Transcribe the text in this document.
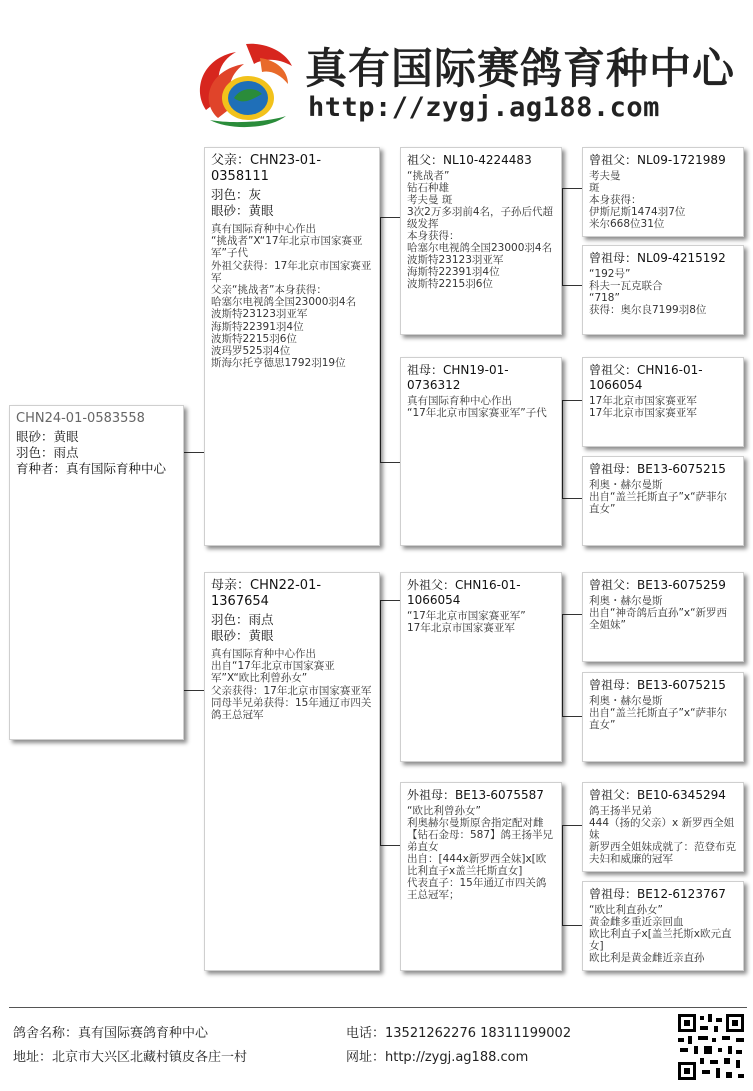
真有国际赛鸽育种中心
http://zygj.ag188.com
CHN24-01-0583558
眼砂：黄眼
羽色：雨点
育种者：真有国际育种中心
父亲：CHN23-01-0358111
羽色：灰
眼砂：黄眼
真有国际育种中心作出
“挑战者”X“17年北京市国家赛亚军”子代
外祖父获得：17年北京市国家赛亚军
父亲“挑战者”本身获得：
哈塞尔电视鸽全国23000羽4名
波斯特23123羽亚军
海斯特22391羽4位
波斯特2215羽6位
波玛罗525羽4位
斯海尔托亨德思1792羽19位
母亲：CHN22-01-1367654
羽色：雨点
眼砂：黄眼
真有国际育种中心作出
出自“17年北京市国家赛亚军”X“欧比利曾孙女”
父亲获得：17年北京市国家赛亚军
同母半兄弟获得：15年通辽市四关鸽王总冠军
祖父：NL10-4224483
“挑战者”
钻石种雄
考夫曼 斑
3次2万多羽前4名，子孙后代超级发挥
本身获得：
哈塞尔电视鸽全国23000羽4名
波斯特23123羽亚军
海斯特22391羽4位
波斯特2215羽6位
祖母：CHN19-01-0736312
真有国际育种中心作出
“17年北京市国家赛亚军”子代
外祖父：CHN16-01-1066054
“17年北京市国家赛亚军”
17年北京市国家赛亚军
外祖母：BE13-6075587
“欧比利曾孙女”
利奥赫尔曼斯原舍指定配对雌
【钻石金母：587】鸽王扬半兄弟直女
出自：[444x新罗西全妹]x[欧比利直子x盖兰托斯直女]
代表直子：15年通辽市四关鸽王总冠军；
曾祖父：NL09-1721989
考夫曼
斑
本身获得：
伊斯尼斯1474羽7位
米尔668位31位
曾祖母：NL09-4215192
“192号”
科夫一瓦克联合
“718”
获得：奥尔良7199羽8位
曾祖父：CHN16-01-1066054
17年北京市国家赛亚军
17年北京市国家赛亚军
曾祖母：BE13-6075215
利奥・赫尔曼斯
出自“盖兰托斯直子”x“萨菲尔直女”
曾祖父：BE13-6075259
利奥・赫尔曼斯
出自“神奇鸽后直孙”x“新罗西全姐妹”
曾祖母：BE13-6075215
利奥・赫尔曼斯
出自“盖兰托斯直子”x“萨菲尔直女”
曾祖父：BE10-6345294
鸽王扬半兄弟
444（扬的父亲）x 新罗西全姐妹
新罗西全姐妹成就了：范登布克夫妇和威廉的冠军
曾祖母：BE12-6123767
“欧比利直孙女”
黄金雌多重近亲回血
欧比利直子x[盖兰托斯x欧元直女]
欧比利是黄金雌近亲直孙
鸽舍名称：真有国际赛鸽育种中心
地址：北京市大兴区北藏村镇皮各庄一村
电话：13521262276 18311199002
网址：http://zygj.ag188.com
